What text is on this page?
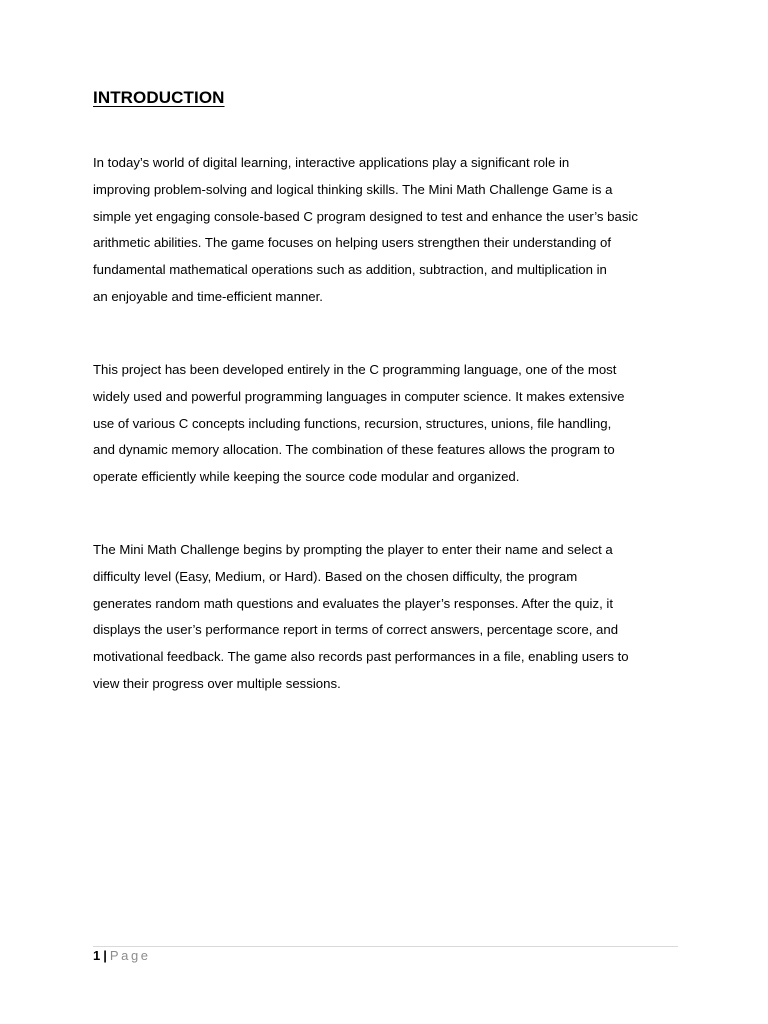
INTRODUCTION
In today’s world of digital learning, interactive applications play a significant role in
improving problem-solving and logical thinking skills. The Mini Math Challenge Game is a
simple yet engaging console-based C program designed to test and enhance the user’s basic
arithmetic abilities. The game focuses on helping users strengthen their understanding of
fundamental mathematical operations such as addition, subtraction, and multiplication in
an enjoyable and time-efficient manner.
This project has been developed entirely in the C programming language, one of the most
widely used and powerful programming languages in computer science. It makes extensive
use of various C concepts including functions, recursion, structures, unions, file handling,
and dynamic memory allocation. The combination of these features allows the program to
operate efficiently while keeping the source code modular and organized.
The Mini Math Challenge begins by prompting the player to enter their name and select a
difficulty level (Easy, Medium, or Hard). Based on the chosen difficulty, the program
generates random math questions and evaluates the player’s responses. After the quiz, it
displays the user’s performance report in terms of correct answers, percentage score, and
motivational feedback. The game also records past performances in a file, enabling users to
view their progress over multiple sessions.
1 | Page
